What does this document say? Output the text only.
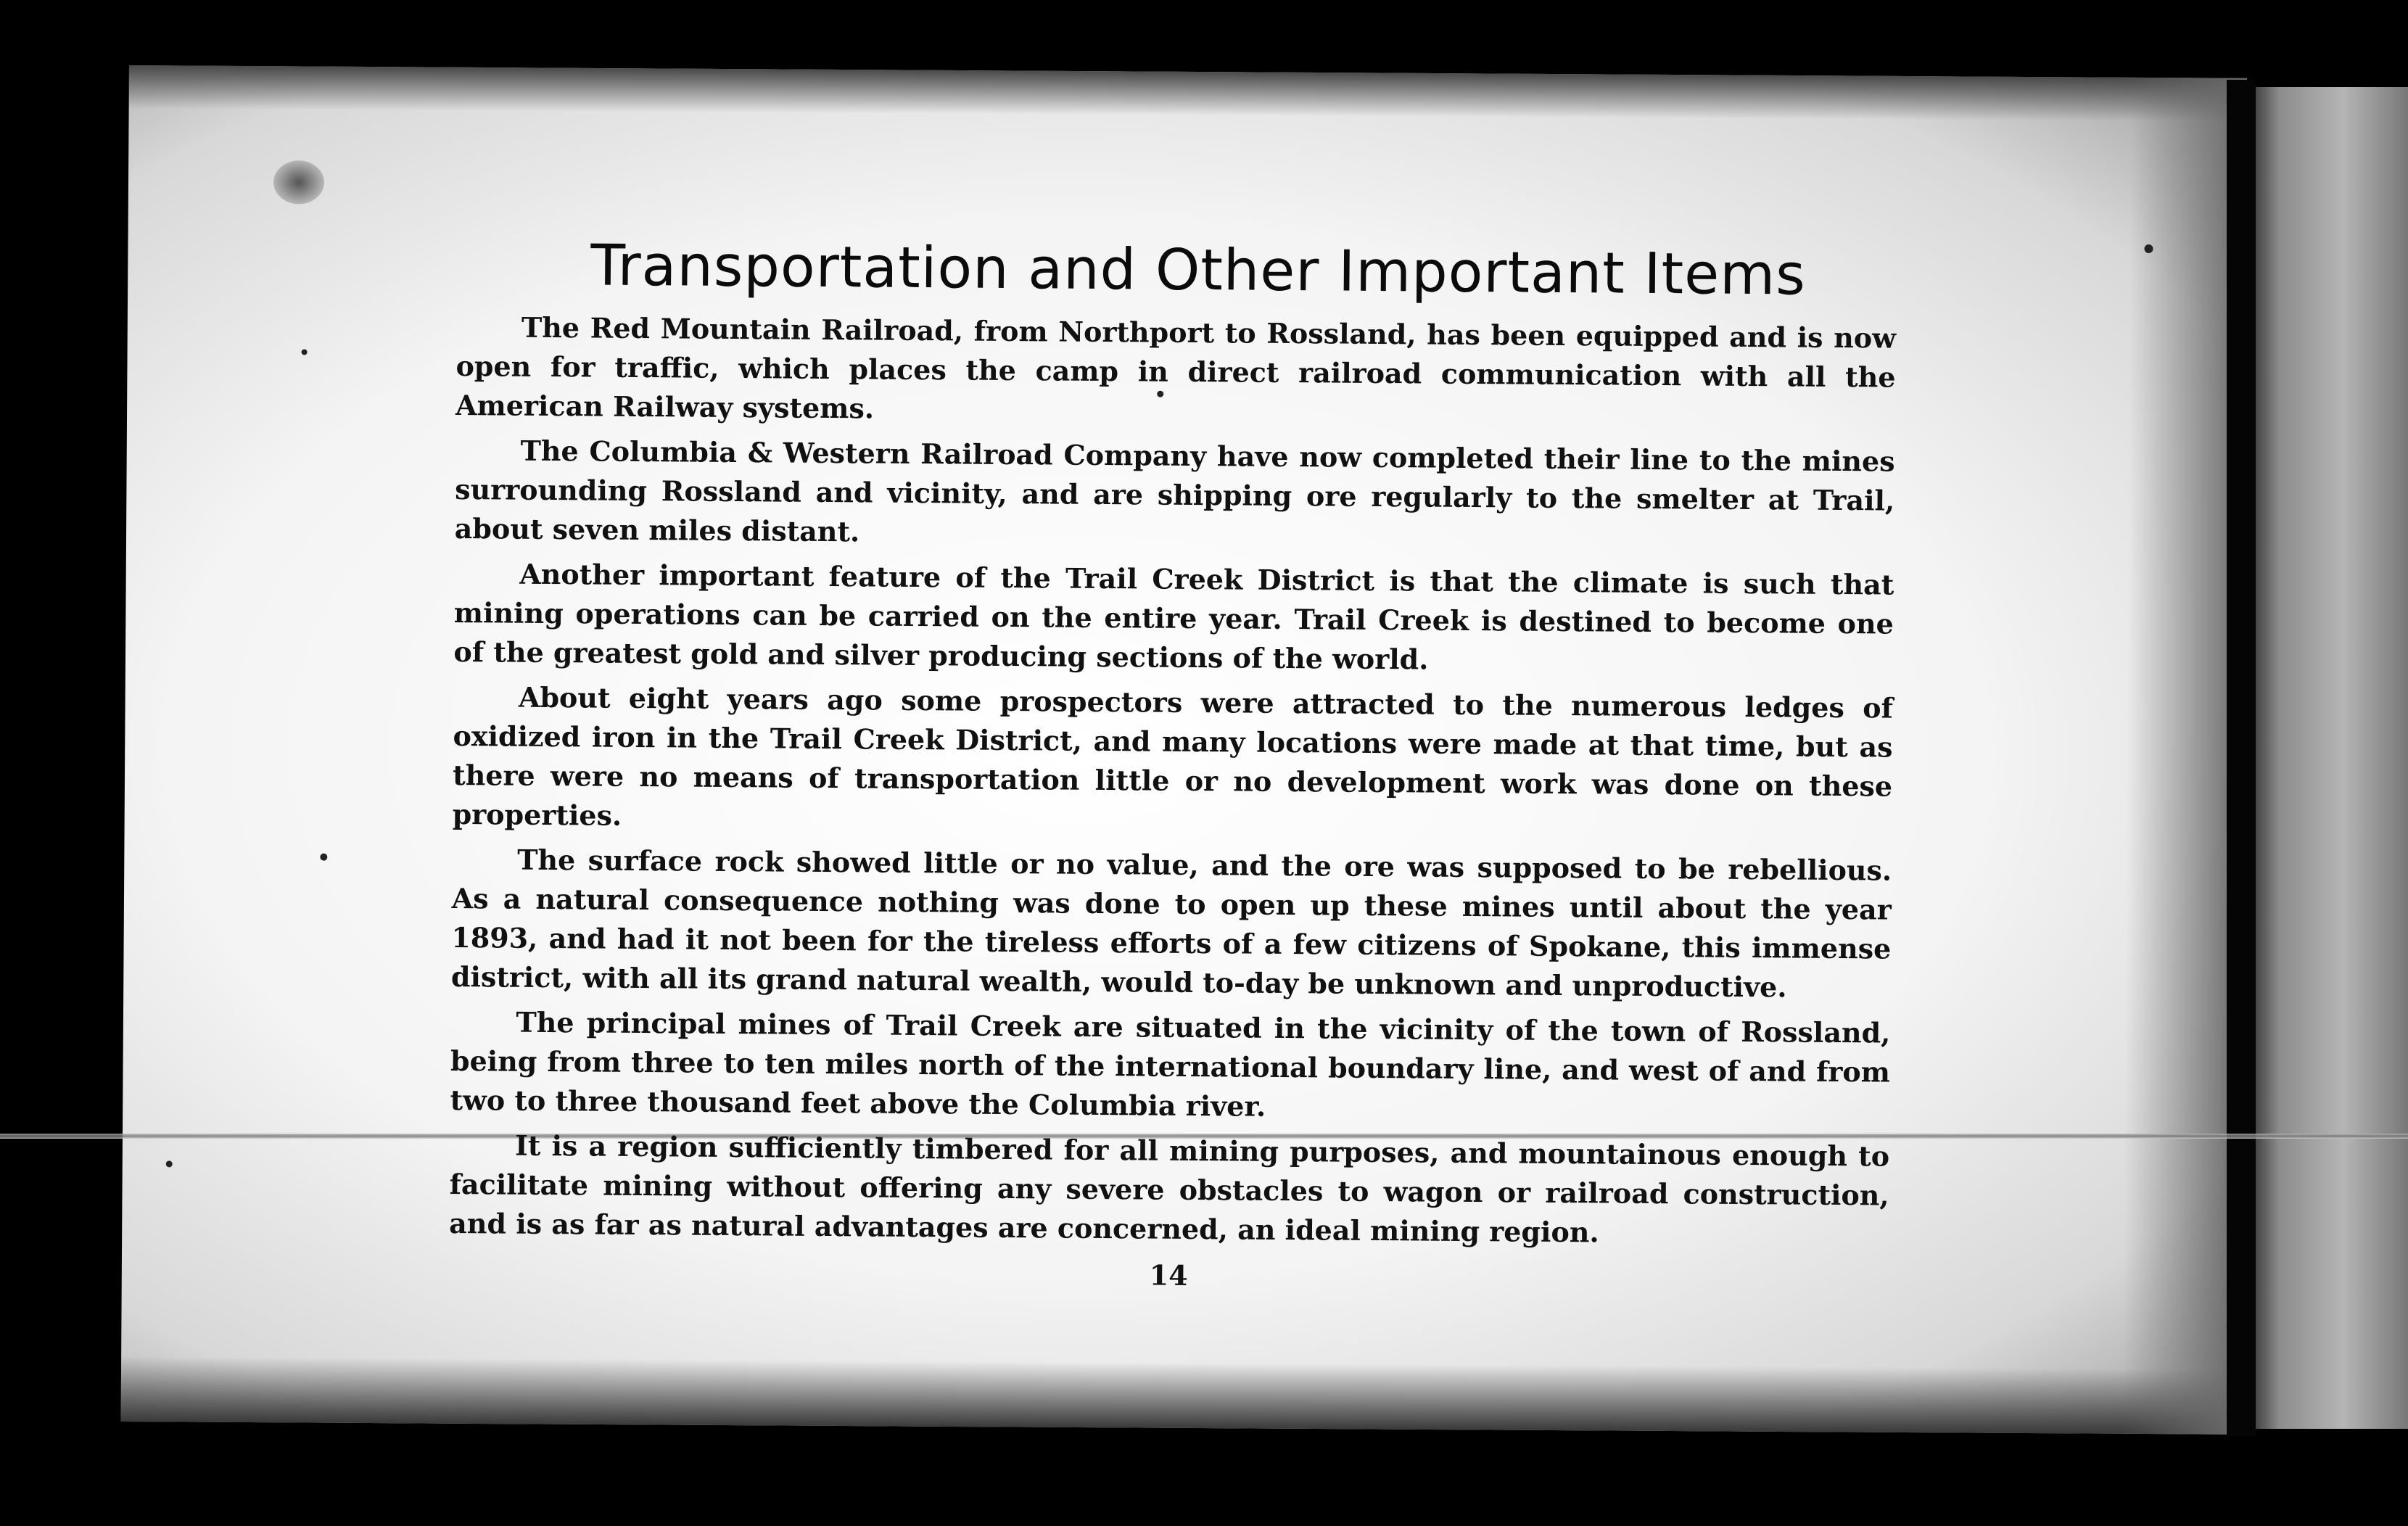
Transportation and Other Important Items

The Red Mountain Railroad, from Northport to Rossland, has been equipped and is now open for traffic, which places the camp in direct railroad communication with all the American Railway systems.

The Columbia & Western Railroad Company have now completed their line to the mines surrounding Rossland and vicinity, and are shipping ore regularly to the smelter at Trail, about seven miles distant.

Another important feature of the Trail Creek District is that the climate is such that mining operations can be carried on the entire year. Trail Creek is destined to become one of the greatest gold and silver producing sections of the world.

About eight years ago some prospectors were attracted to the numerous ledges of oxidized iron in the Trail Creek District, and many locations were made at that time, but as there were no means of transportation little or no development work was done on these properties.

The surface rock showed little or no value, and the ore was supposed to be rebellious. As a natural consequence nothing was done to open up these mines until about the year 1893, and had it not been for the tireless efforts of a few citizens of Spokane, this immense district, with all its grand natural wealth, would to-day be unknown and unproductive.

The principal mines of Trail Creek are situated in the vicinity of the town of Rossland, being from three to ten miles north of the international boundary line, and west of and from two to three thousand feet above the Columbia river.

It is a region sufficiently timbered for all mining purposes, and mountainous enough to facilitate mining without offering any severe obstacles to wagon or railroad construction, and is as far as natural advantages are concerned, an ideal mining region.

14
